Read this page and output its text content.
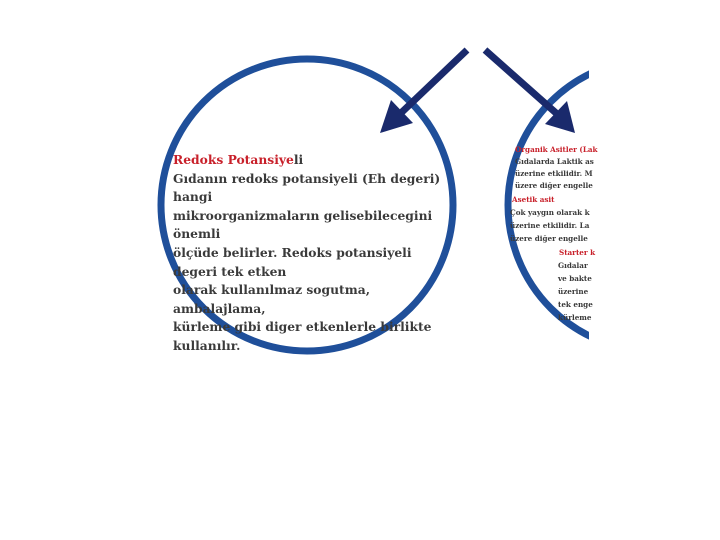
Redoks Potansiyeli
Gıdanın redoks potansiyeli (Eh degeri) hangi
mikroorganizmaların gelisebilecegini önemli
ölçüde belirler. Redoks potansiyeli degeri tek etken
olarak kullanılmaz sogutma, ambalajlama,
kürleme gibi diger etkenlerle birlikte kullanılır.
Organik Asitler (Lak
Gıdalarda Laktik as
üzerine etkilidir. M
üzere diğer engelle
Asetik asit
Çok yaygın olarak k
üzerine etkilidir. La
üzere diğer engelle
Starter k
Gıdalar
ve bakte
üzerine
tek enge
kürleme
